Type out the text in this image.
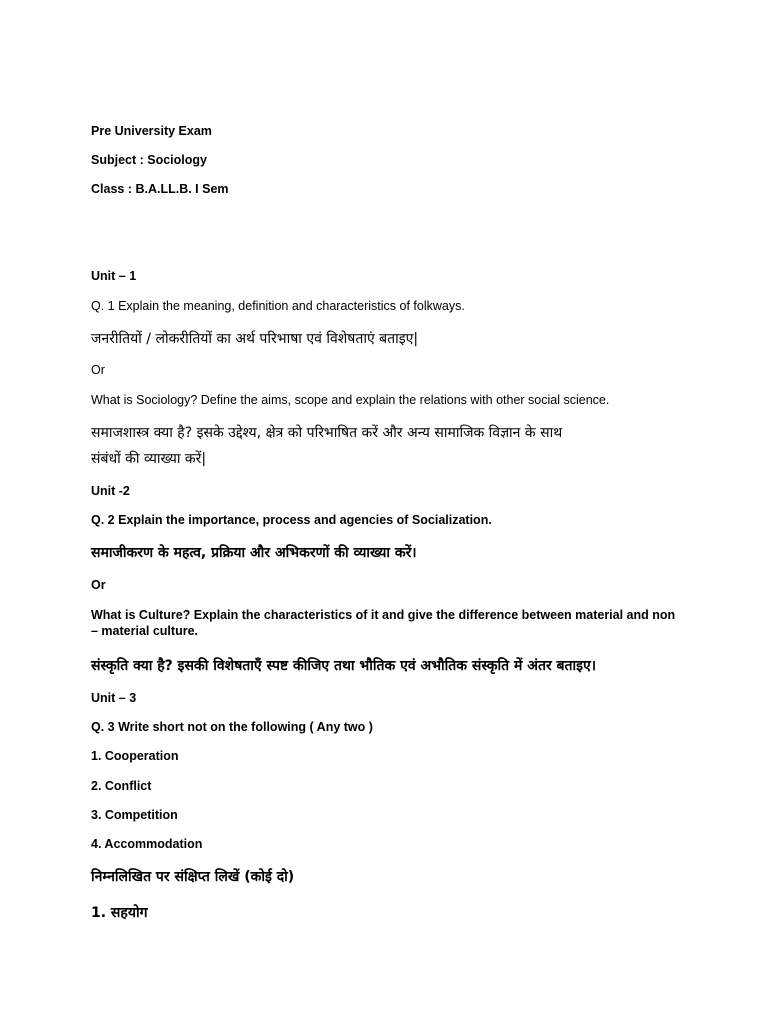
Pre University Exam
Subject : Sociology
Class : B.A.LL.B. I Sem
Unit – 1
Q. 1 Explain the meaning, definition and characteristics of folkways.
जनरीतियों / लोकरीतियों का अर्थ परिभाषा एवं विशेषताएं बताइए|
Or
What is Sociology? Define the aims, scope and explain the relations with other social science.
समाजशास्त्र क्या है? इसके उद्देश्य, क्षेत्र को परिभाषित करें और अन्य सामाजिक विज्ञान के साथ
संबंधों की व्याख्या करें|
Unit -2
Q. 2 Explain the importance, process and agencies of Socialization.
समाजीकरण के महत्व, प्रक्रिया और अभिकरणों की व्याख्या करें।
Or
What is Culture? Explain the characteristics of it and give the difference between material and non – material culture.
संस्कृति क्या है? इसकी विशेषताएँ स्पष्ट कीजिए तथा भौतिक एवं अभौतिक संस्कृति में अंतर बताइए।
Unit – 3
Q. 3 Write short not on the following ( Any two )
1. Cooperation
2. Conflict
3. Competition
4. Accommodation
निम्नलिखित पर संक्षिप्त लिखें (कोई दो)
1. सहयोग
